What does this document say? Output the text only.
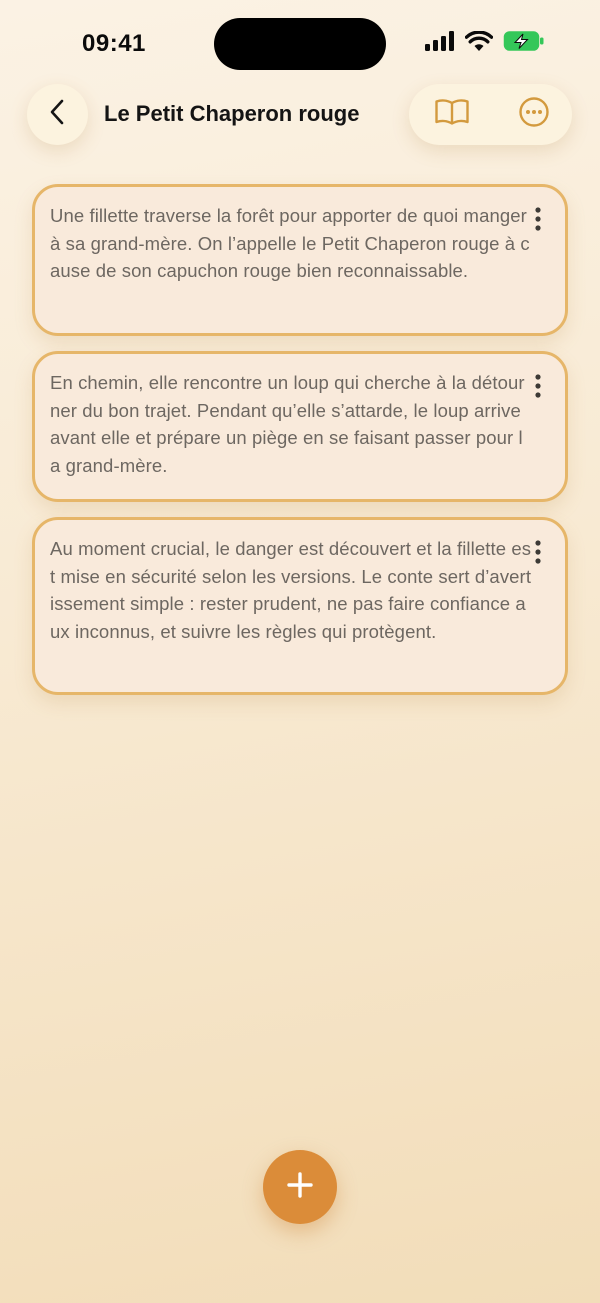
09:41
Le Petit Chaperon rouge
Une fillette traverse la forêt pour apporter de quoi manger à sa grand-mère. On l’appelle le Petit Chaperon rouge à cause de son capuchon rouge bien reconnaissable.
En chemin, elle rencontre un loup qui cherche à la détourner du bon trajet. Pendant qu’elle s’attarde, le loup arrive avant elle et prépare un piège en se faisant passer pour la grand-mère.
Au moment crucial, le danger est découvert et la fillette est mise en sécurité selon les versions. Le conte sert d’avertissement simple : rester prudent, ne pas faire confiance aux inconnus, et suivre les règles qui protègent.
